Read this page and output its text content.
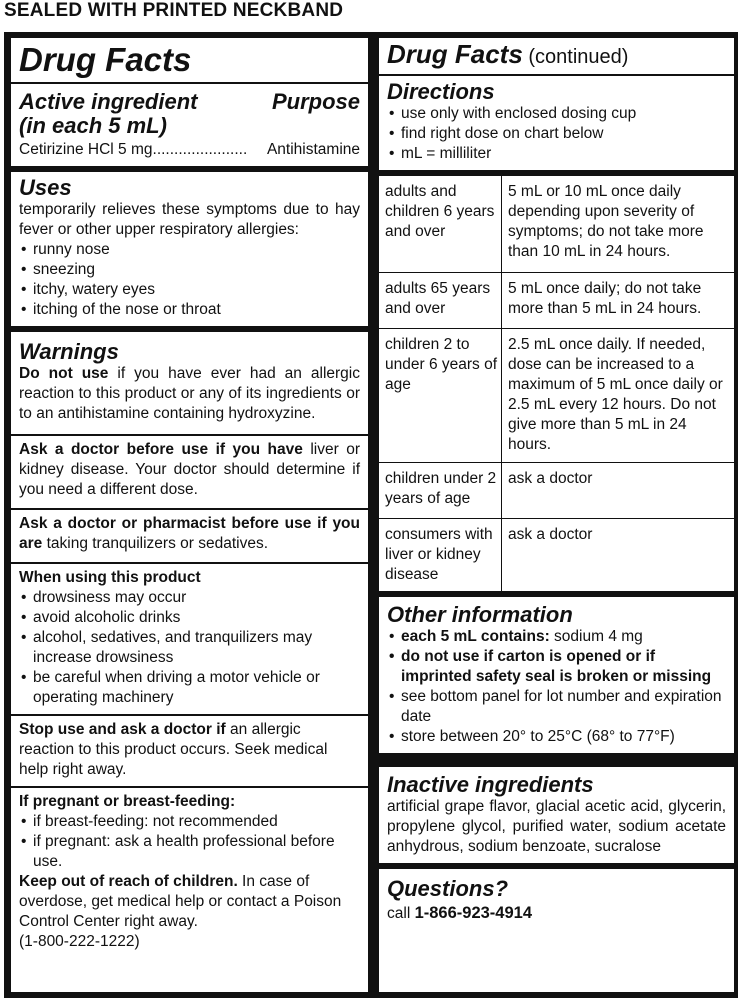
SEALED WITH PRINTED NECKBAND
Drug Facts
Active ingredient
(in each 5 mL)
Purpose
Cetirizine HCl 5 mg ......................	Antihistamine
Uses
temporarily relieves these symptoms due to hay fever or other upper respiratory allergies:
• runny nose
• sneezing
• itchy, watery eyes
• itching of the nose or throat
Warnings
Do not use if you have ever had an allergic reaction to this product or any of its ingredients or to an antihistamine containing hydroxyzine.
Ask a doctor before use if you have liver or kidney disease. Your doctor should determine if you need a different dose.
Ask a doctor or pharmacist before use if you are taking tranquilizers or sedatives.
When using this product
• drowsiness may occur
• avoid alcoholic drinks
• alcohol, sedatives, and tranquilizers may increase drowsiness
• be careful when driving a motor vehicle or operating machinery
Stop use and ask a doctor if an allergic reaction to this product occurs. Seek medical help right away.
If pregnant or breast-feeding:
• if breast-feeding: not recommended
• if pregnant: ask a health professional before use.
Keep out of reach of children. In case of overdose, get medical help or contact a Poison Control Center right away.
(1-800-222-1222)
Drug Facts (continued)
Directions
• use only with enclosed dosing cup
• find right dose on chart below
• mL = milliliter
adults and children 6 years and over	5 mL or 10 mL once daily depending upon severity of symptoms; do not take more than 10 mL in 24 hours.
adults 65 years and over	5 mL once daily; do not take more than 5 mL in 24 hours.
children 2 to under 6 years of age	2.5 mL once daily. If needed, dose can be increased to a maximum of 5 mL once daily or 2.5 mL every 12 hours. Do not give more than 5 mL in 24 hours.
children under 2 years of age	ask a doctor
consumers with liver or kidney disease	ask a doctor
Other information
• each 5 mL contains: sodium 4 mg
• do not use if carton is opened or if imprinted safety seal is broken or missing
• see bottom panel for lot number and expiration date
• store between 20° to 25°C (68° to 77°F)
Inactive ingredients
artificial grape flavor, glacial acetic acid, glycerin, propylene glycol, purified water, sodium acetate anhydrous, sodium benzoate, sucralose
Questions?
call 1-866-923-4914
